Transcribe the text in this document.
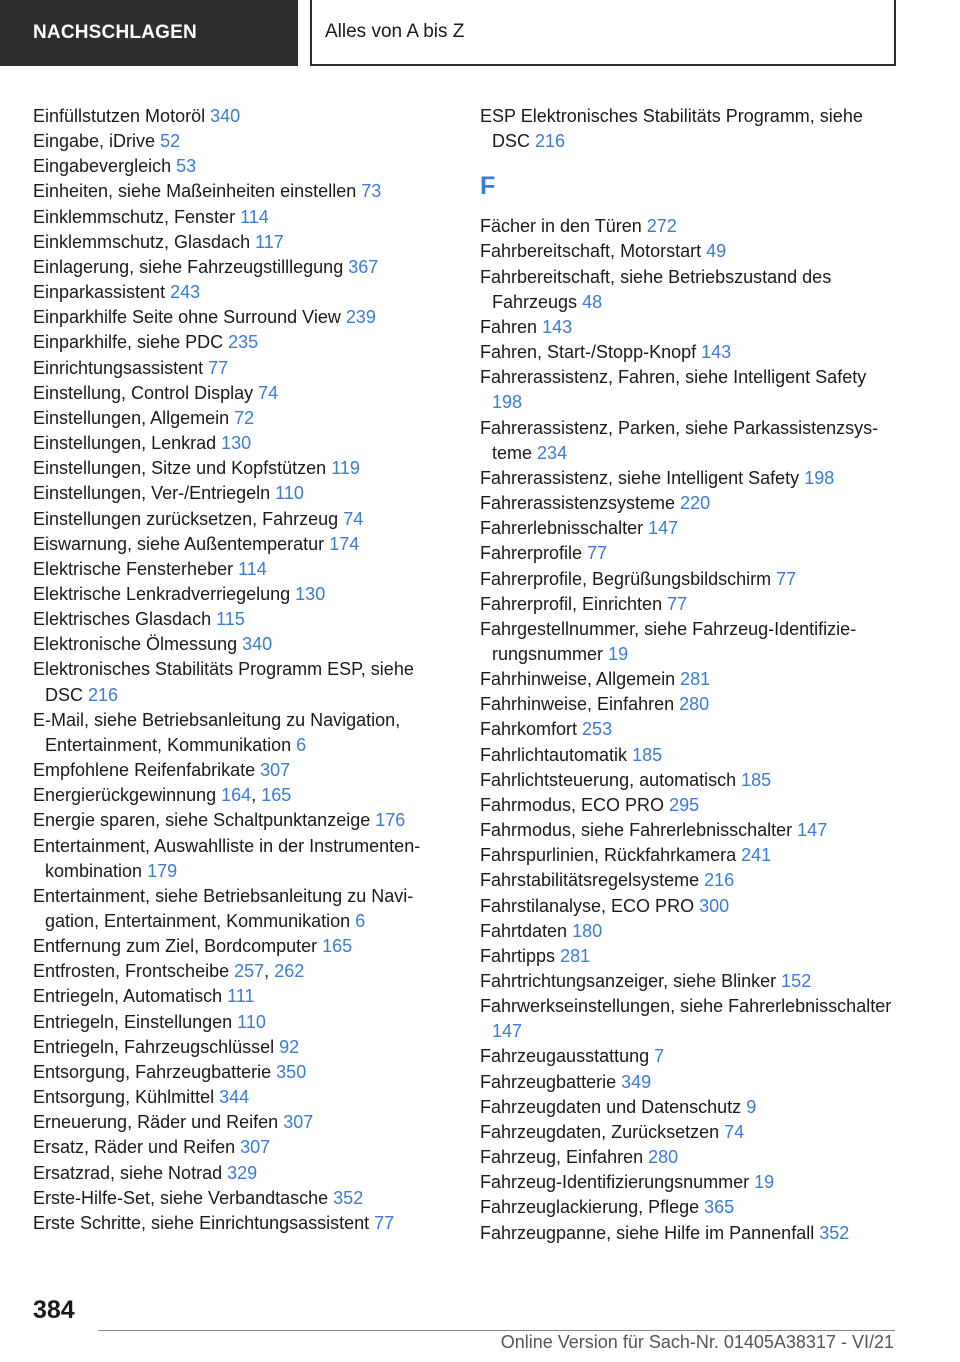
NACHSCHLAGEN	Alles von A bis Z
Einfüllstutzen Motoröl 340
Eingabe, iDrive 52
Eingabevergleich 53
Einheiten, siehe Maßeinheiten einstellen 73
Einklemmschutz, Fenster 114
Einklemmschutz, Glasdach 117
Einlagerung, siehe Fahrzeugstilllegung 367
Einparkassistent 243
Einparkhilfe Seite ohne Surround View 239
Einparkhilfe, siehe PDC 235
Einrichtungsassistent 77
Einstellung, Control Display 74
Einstellungen, Allgemein 72
Einstellungen, Lenkrad 130
Einstellungen, Sitze und Kopfstützen 119
Einstellungen, Ver-/Entriegeln 110
Einstellungen zurücksetzen, Fahrzeug 74
Eiswarnung, siehe Außentemperatur 174
Elektrische Fensterheber 114
Elektrische Lenkradverriegelung 130
Elektrisches Glasdach 115
Elektronische Ölmessung 340
Elektronisches Stabilitäts Programm ESP, siehe DSC 216
E-Mail, siehe Betriebsanleitung zu Navigation, Entertainment, Kommunikation 6
Empfohlene Reifenfabrikate 307
Energierückgewinnung 164, 165
Energie sparen, siehe Schaltpunktanzeige 176
Entertainment, Auswahlliste in der Instrumentenkombination 179
Entertainment, siehe Betriebsanleitung zu Navigation, Entertainment, Kommunikation 6
Entfernung zum Ziel, Bordcomputer 165
Entfrosten, Frontscheibe 257, 262
Entriegeln, Automatisch 111
Entriegeln, Einstellungen 110
Entriegeln, Fahrzeugschlüssel 92
Entsorgung, Fahrzeugbatterie 350
Entsorgung, Kühlmittel 344
Erneuerung, Räder und Reifen 307
Ersatz, Räder und Reifen 307
Ersatzrad, siehe Notrad 329
Erste-Hilfe-Set, siehe Verbandtasche 352
Erste Schritte, siehe Einrichtungsassistent 77
ESP Elektronisches Stabilitäts Programm, siehe DSC 216
F
Fächer in den Türen 272
Fahrbereitschaft, Motorstart 49
Fahrbereitschaft, siehe Betriebszustand des Fahrzeugs 48
Fahren 143
Fahren, Start-/Stopp-Knopf 143
Fahrerassistenz, Fahren, siehe Intelligent Safety 198
Fahrerassistenz, Parken, siehe Parkassistenzsysteme 234
Fahrerassistenz, siehe Intelligent Safety 198
Fahrerassistenzsysteme 220
Fahrerlebnisschalter 147
Fahrerprofile 77
Fahrerprofile, Begrüßungsbildschirm 77
Fahrerprofil, Einrichten 77
Fahrgestellnummer, siehe Fahrzeug-Identifizierungsnummer 19
Fahrhinweise, Allgemein 281
Fahrhinweise, Einfahren 280
Fahrkomfort 253
Fahrlichtautomatik 185
Fahrlichtsteuerung, automatisch 185
Fahrmodus, ECO PRO 295
Fahrmodus, siehe Fahrerlebnisschalter 147
Fahrspurlinien, Rückfahrkamera 241
Fahrstabilitätsregelsysteme 216
Fahrstilanalyse, ECO PRO 300
Fahrtdaten 180
Fahrtipps 281
Fahrtrichtungsanzeiger, siehe Blinker 152
Fahrwerkseinstellungen, siehe Fahrerlebnisschalter 147
Fahrzeugausstattung 7
Fahrzeugbatterie 349
Fahrzeugdaten und Datenschutz 9
Fahrzeugdaten, Zurücksetzen 74
Fahrzeug, Einfahren 280
Fahrzeug-Identifizierungsnummer 19
Fahrzeuglackierung, Pflege 365
Fahrzeugpanne, siehe Hilfe im Pannenfall 352
384
Online Version für Sach-Nr. 01405A38317 - VI/21
